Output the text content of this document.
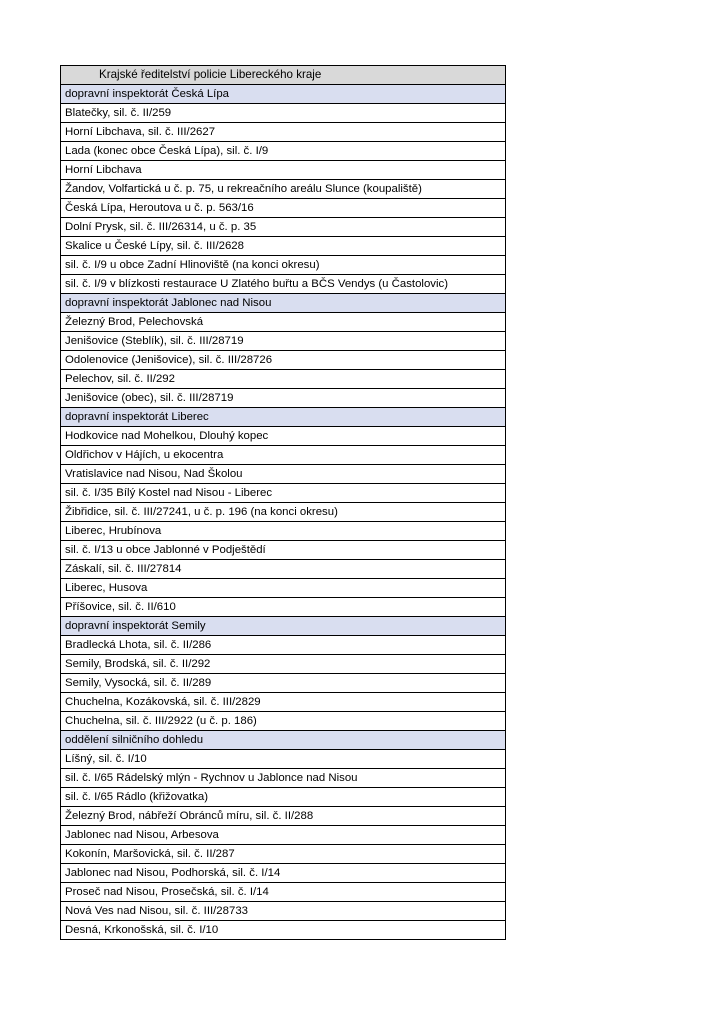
Krajské ředitelství policie Libereckého kraje
dopravní inspektorát Česká Lípa
Blatečky, sil. č. II/259
Horní Libchava, sil. č. III/2627
Lada (konec obce Česká Lípa), sil. č. I/9
Horní Libchava
Žandov, Volfartická u č. p. 75, u rekreačního areálu Slunce (koupaliště)
Česká Lípa, Heroutova u č. p. 563/16
Dolní Prysk, sil. č. III/26314, u č. p. 35
Skalice u České Lípy, sil. č. III/2628
sil. č. I/9 u obce Zadní Hlinoviště (na konci okresu)
sil. č. I/9 v blízkosti restaurace U Zlatého buřtu a BČS Vendys (u Častolovic)
dopravní inspektorát Jablonec nad Nisou
Železný Brod, Pelechovská
Jenišovice (Steblík), sil. č. III/28719
Odolenovice (Jenišovice), sil. č. III/28726
Pelechov, sil. č. II/292
Jenišovice (obec), sil. č. III/28719
dopravní inspektorát Liberec
Hodkovice nad Mohelkou, Dlouhý kopec
Oldřichov v Hájích, u ekocentra
Vratislavice nad Nisou, Nad Školou
sil. č. I/35 Bílý Kostel nad Nisou - Liberec
Žibřidice, sil. č. III/27241, u č. p. 196 (na konci okresu)
Liberec, Hrubínova
sil. č. I/13 u obce Jablonné v Podještědí
Záskalí, sil. č. III/27814
Liberec, Husova
Příšovice, sil. č. II/610
dopravní inspektorát Semily
Bradlecká Lhota, sil. č. II/286
Semily, Brodská, sil. č. II/292
Semily, Vysocká, sil. č. II/289
Chuchelna, Kozákovská, sil. č. III/2829
Chuchelna, sil. č. III/2922 (u č. p. 186)
oddělení silničního dohledu
Líšný, sil. č. I/10
sil. č. I/65 Rádelský mlýn - Rychnov u Jablonce nad Nisou
sil. č. I/65 Rádlo (křižovatka)
Železný Brod, nábřeží Obránců míru, sil. č. II/288
Jablonec nad Nisou, Arbesova
Kokonín, Maršovická, sil. č. II/287
Jablonec nad Nisou, Podhorská, sil. č. I/14
Proseč nad Nisou, Prosečská, sil. č. I/14
Nová Ves nad Nisou, sil. č. III/28733
Desná, Krkonošská, sil. č. I/10
